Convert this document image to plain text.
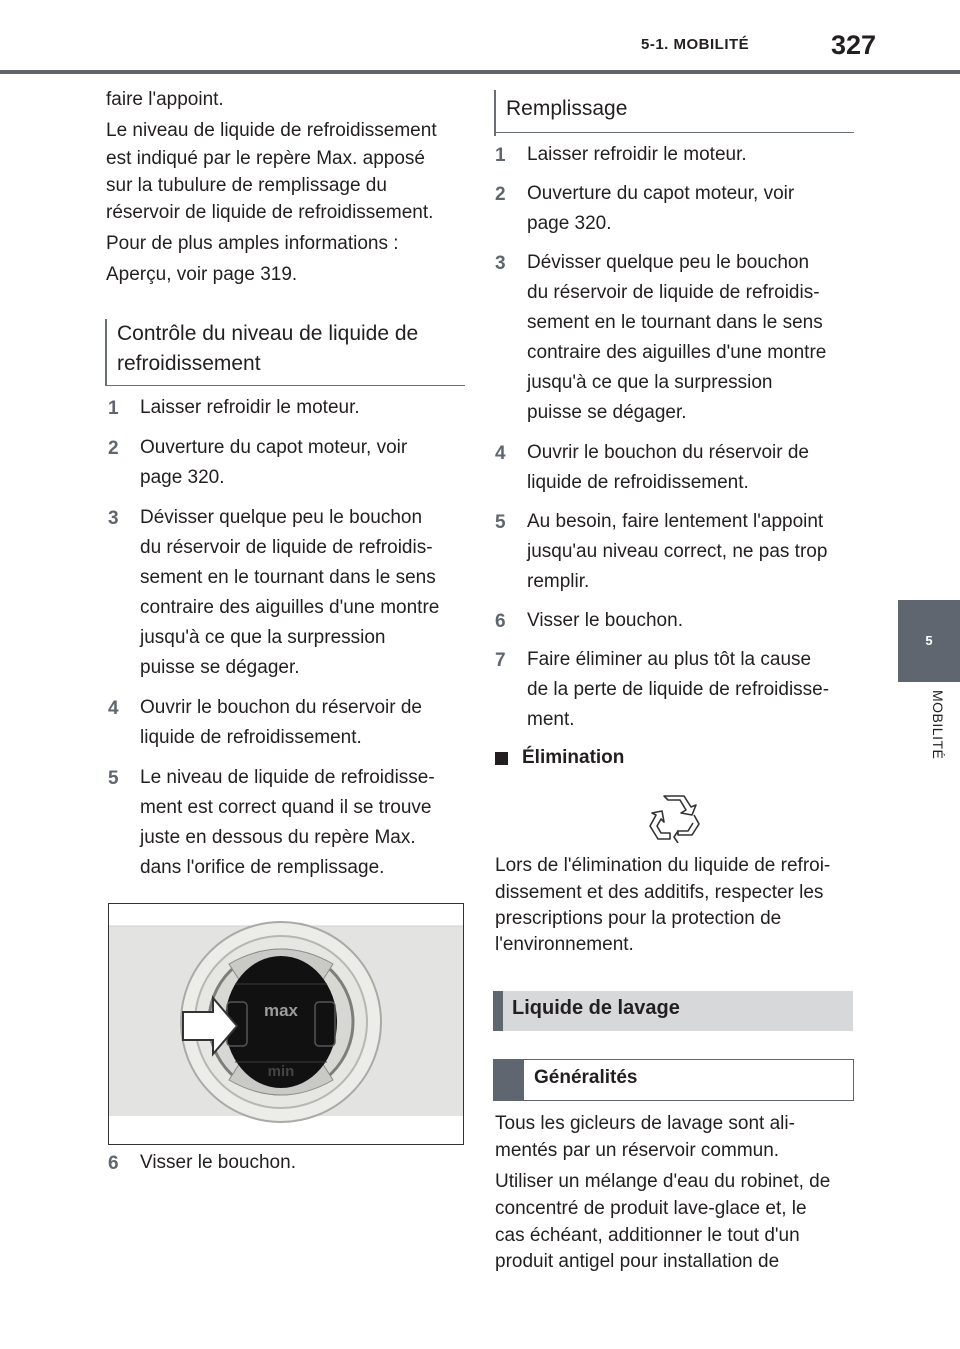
5-1. MOBILITÉ	327
5
MOBILITÉ
faire l'appoint.
Le niveau de liquide de refroidissement
est indiqué par le repère Max. apposé
sur la tubulure de remplissage du
réservoir de liquide de refroidissement.
Pour de plus amples informations :
Aperçu, voir page 319.
Contrôle du niveau de liquide de
refroidissement
1 Laisser refroidir le moteur.
2 Ouverture du capot moteur, voir
page 320.
3 Dévisser quelque peu le bouchon
du réservoir de liquide de refroidis-
sement en le tournant dans le sens
contraire des aiguilles d'une montre
jusqu'à ce que la surpression
puisse se dégager.
4 Ouvrir le bouchon du réservoir de
liquide de refroidissement.
5 Le niveau de liquide de refroidisse-
ment est correct quand il se trouve
juste en dessous du repère Max.
dans l'orifice de remplissage.
max
min
6 Visser le bouchon.
Remplissage
1 Laisser refroidir le moteur.
2 Ouverture du capot moteur, voir
page 320.
3 Dévisser quelque peu le bouchon
du réservoir de liquide de refroidis-
sement en le tournant dans le sens
contraire des aiguilles d'une montre
jusqu'à ce que la surpression
puisse se dégager.
4 Ouvrir le bouchon du réservoir de
liquide de refroidissement.
5 Au besoin, faire lentement l'appoint
jusqu'au niveau correct, ne pas trop
remplir.
6 Visser le bouchon.
7 Faire éliminer au plus tôt la cause
de la perte de liquide de refroidisse-
ment.
Élimination
Lors de l'élimination du liquide de refroi-
dissement et des additifs, respecter les
prescriptions pour la protection de
l'environnement.
Liquide de lavage
Généralités
Tous les gicleurs de lavage sont ali-
mentés par un réservoir commun.
Utiliser un mélange d'eau du robinet, de
concentré de produit lave-glace et, le
cas échéant, additionner le tout d'un
produit antigel pour installation de
